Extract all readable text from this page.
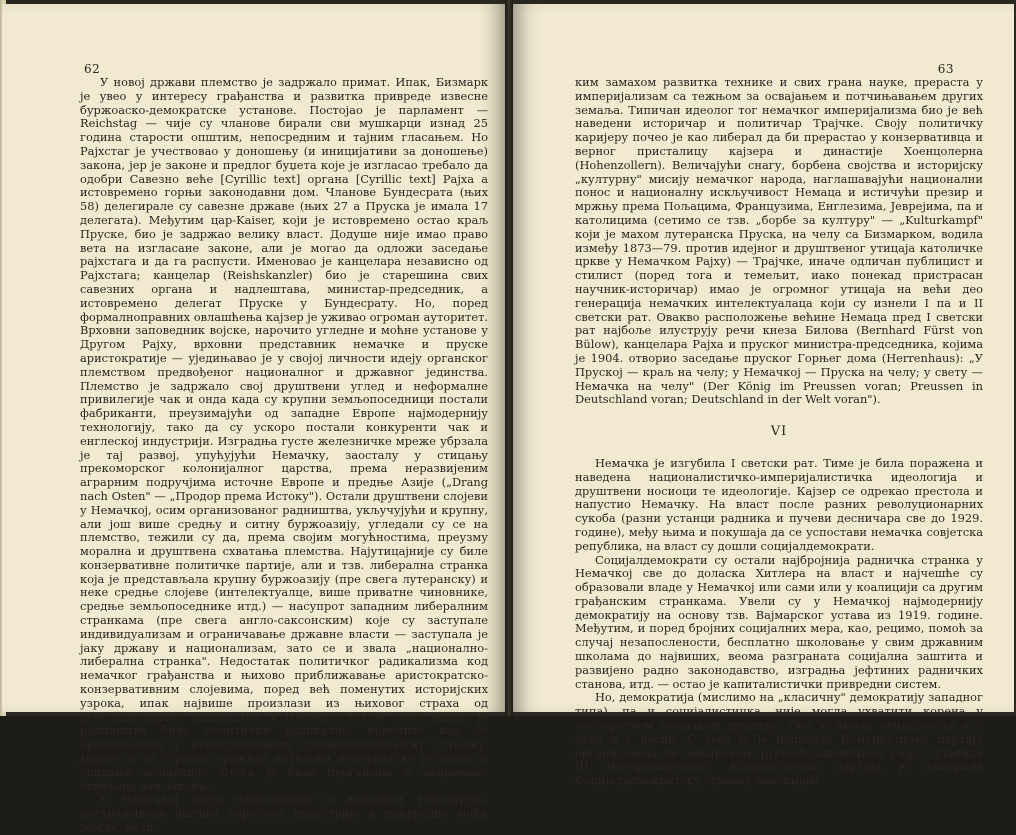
62

У новој држави племство је задржало примат. Ипак, Бизмарк је увео у интересу грађанства и развитка привреде извесне буржоаско-демократске установе. Постојао је парламент — Reichstag — чије су чланове бирали сви мушкарци изнад 25 година старости општим, непосредним и тајним гласањем. Но Рајхстаг је учествовао у доношењу (и иницијативи за доношење) закона, јер је законе и предлог буџета које је изгласао требало да одобри Савезно веће [Cyrillic text] органа [Cyrillic text] Рајха а истовремено горњи законодавни дом. Чланове Бундесрата (њих 58) делегирале су савезне државе (њих 27 а Пруска је имала 17 делегата). Међутим цар-Kaiser, који је истовремено остао краљ Пруске, био је задржао велику власт. Додуше није имао право вета на изгласане законе, али је могао да одложи заседање рајхстага и да га распусти. Именовао је канцелара независно од Рајхстага; канцелар (Reishskanzler) био је старешина свих савезних органа и надлештава, министар-председник, а истовремено делегат Пруске у Бундесрату. Но, поред формалноправних овлашћења кајзер је уживао огроман ауторитет. Врховни заповедник војске, нарочито угледне и моћне установе у Другом Рајху, врховни представник немачке и пруске аристократије — уједињавао је у својој личности идеју органског племством предвођеног националног и државног јединства. Племство је задржало свој друштвени углед и неформалне привилегије чак и онда када су крупни земљопоседници постали фабриканти, преузимајући од западне Европе најмодернију технологију, тако да су ускоро постали конкуренти чак и енглеској индустрији. Изградња густе железничке мреже убрзала је тај развој, упућујући Немачку, заосталу у стицању прекоморског колонијалног царства, према неразвијеним аграрним подручјима источне Европе и предње Азије („Drang nach Osten" — „Продор према Истоку"). Остали друштвени слојеви у Немачкој, осим организованог радништва, укључујући и крупну, али још више средњу и ситну буржоазију, угледали су се на племство, тежили су да, према својим могућностима, преузму морална и друштвена схватања племства. Најутицајније су биле конзервативне политичке партије, али и тзв. либерална странка која је представљала крупну буржоазију (пре свега лутеранску) и неке средње слојеве (интелектуалце, више приватне чиновнике, средње земљопоседнике итд.) — насупрот западним либералним странкама (пре свега англо-саксонским) које су заступале индивидуализам и ограничавање државне власти — заступала је јаку државу и национализам, зато се и звала „национално-либерална странка". Недостатак политичког радикализма код немачког грађанства и њихово приближавање аристократско-конзервативним слојевима, поред већ поменутих историјских узрока, ипак највише произлази из њиховог страха од револуционарног радништва. У Немачкој после 1848. једино је радништво било политички радикално, нарочито кад се организовало у револуционарни социјалдемократску странку. Једино је та странка тражила истински демократске установе и укидање монархије. Стога је била прогањана и повремено стављана ван закона.

У Немачкој идеја националног и државног тоталитета, потхрањивана наглим порастом индустрије и привредне моћи земље, вели-

63

ким замахом развитка технике и свих грана науке, прераста у империјализам са тежњом за освајањем и потчињавањем других земаља. Типичан идеолог тог немачког империјализма био је већ наведени историчар и политичар Трајчке. Своју политичку каријеру почео је као либерал да би прерастао у конзервативца и верног присталицу кајзера и династије Хоенцолерна (Hohenzollern). Величајући снагу, борбена својства и историјску „културну" мисију немачког народа, наглашавајући национални понос и националну искључивост Немаца и истичући презир и мржњу према Пољацима, Французима, Енглезима, Јеврејима, па и католицима (сетимо се тзв. „борбе за културу" — „Kulturkampf" који је махом лутеранска Пруска, на челу са Бизмарком, водила између 1873—79. против идејног и друштвеног утицаја католичке цркве у Немачком Рајху) — Трајчке, иначе одличан публицист и стилист (поред тога и темељит, иако понекад пристрасан научник-историчар) имао је огромног утицаја на већи део генерација немачких интелектуалаца који су изнели I па и II светски рат. Овакво расположење већине Немаца пред I светски рат најбоље илуструју речи кнеза Билова (Bernhard Fürst von Bülow), канцелара Рајха и пруског министра-председника, којима је 1904. отворио заседање пруског Горњег дома (Herrenhaus): „У Пруској — краљ на челу; у Немачкој — Пруска на челу; у свету — Немачка на челу" (Der König im Preussen voran; Preussen in Deutschland voran; Deutschland in der Welt voran").

VI

Немачка је изгубила I светски рат. Тиме је била поражена и наведена националистичко-империјалистичка идеологија и друштвени носиоци те идеологије. Кајзер се одрекао престола и напустио Немачку. На власт после разних револуционарних сукоба (разни устанци радника и пучеви десничара све до 1929. године), међу њима и покушаја да се успостави немачка совјетска република, на власт су дошли социјалдемократи.

Социјалдемократи су остали најбројнија радничка странка у Немачкој све до доласка Хитлера на власт и најчешће су образовали владе у Немачкој или сами или у коалицији са другим грађанским странкама. Увели су у Немачкој најмодернију демократију на основу тзв. Вајмарског устава из 1919. године. Међутим, и поред бројних социјалних мера, као, рецимо, помоћ за случај незапослености, бесплатно школовање у свим државним школама до највиших, веома разграната социјална заштита и развијено радно законодавство, изградња јефтиних радничких станова, итд. — остао је капиталистички привредни систем.

Но, демократија (мислимо на „класичну" демократију западног типа), па и социјалистичка, није могла ухватити корена у послератном немачком друштву. Она је имала непријатеља и с лева и с десна. С лева је је нападала Комунистичка партија организована по лењинском, руско-бољшевичком узору, чланица III Интернационале. Комунистичка партија је сматрала Социјалдемократску странку опаснијим
